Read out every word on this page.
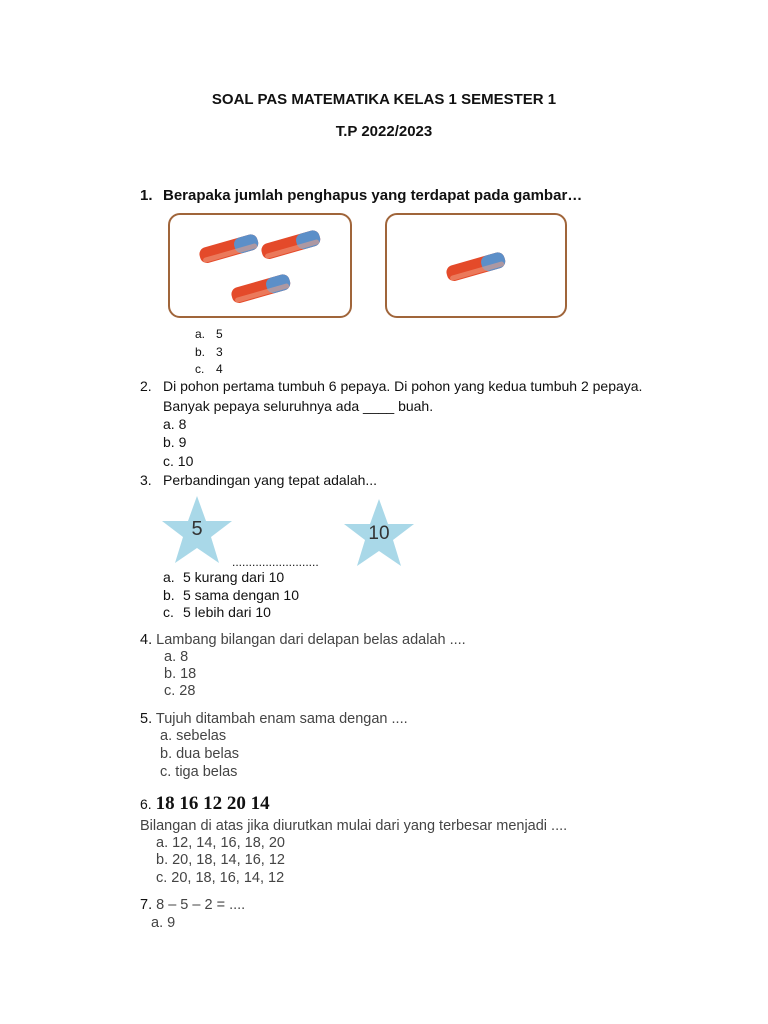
SOAL PAS MATEMATIKA KELAS 1 SEMESTER 1
T.P 2022/2023
1. Berapaka jumlah penghapus yang terdapat pada gambar…
a. 5
b. 3
c. 4
2. Di pohon pertama tumbuh 6 pepaya. Di pohon yang kedua tumbuh 2 pepaya.
Banyak pepaya seluruhnya ada ____ buah.
a. 8
b. 9
c. 10
3. Perbandingan yang tepat adalah...
5	10
..........................
a. 5 kurang dari 10
b. 5 sama dengan 10
c. 5 lebih dari 10
4. Lambang bilangan dari delapan belas adalah ....
a. 8
b. 18
c. 28
5. Tujuh ditambah enam sama dengan ....
a. sebelas
b. dua belas
c. tiga belas
6. 18 16 12 20 14
Bilangan di atas jika diurutkan mulai dari yang terbesar menjadi ....
a. 12, 14, 16, 18, 20
b. 20, 18, 14, 16, 12
c. 20, 18, 16, 14, 12
7. 8 – 5 – 2 = ....
a. 9
